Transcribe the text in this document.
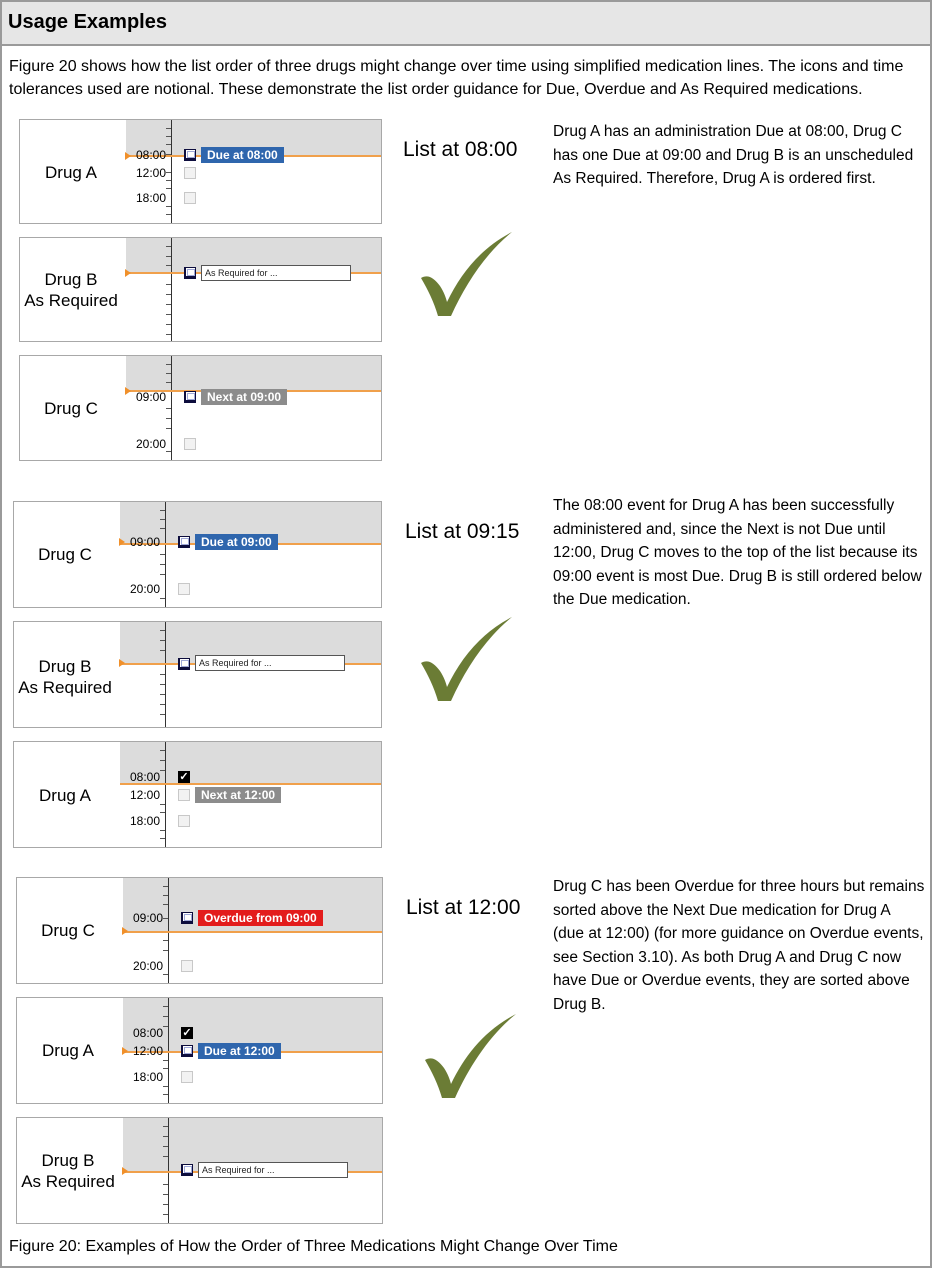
Usage Examples
Figure 20 shows how the list order of three drugs might change over time using simplified medication lines. The icons and time tolerances used are notional. These demonstrate the list order guidance for Due, Overdue and As Required medications.
Drug A
08:00
12:00
18:00
Due at 08:00
Drug B
As Required
As Required for ...
Drug C
09:00
20:00
Next at 09:00
List at 08:00
Drug A has an administration Due at 08:00, Drug C has one Due at 09:00 and Drug B is an unscheduled As Required. Therefore, Drug A is ordered first.
Drug C
09:00
20:00
Due at 09:00
Drug B
As Required
As Required for ...
Drug A
08:00
12:00
18:00
✓
Next at 12:00
List at 09:15
The 08:00 event for Drug A has been successfully administered and, since the Next is not Due until 12:00, Drug C moves to the top of the list because its 09:00 event is most Due. Drug B is still ordered below the Due medication.
Drug C
09:00
20:00
Overdue from 09:00
Drug A
08:00
12:00
18:00
✓
Due at 12:00
Drug B
As Required
As Required for ...
List at 12:00
Drug C has been Overdue for three hours but remains sorted above the Next Due medication for Drug A (due at 12:00) (for more guidance on Overdue events, see Section 3.10). As both Drug A and Drug C now have Due or Overdue events, they are sorted above Drug B.
Figure 20: Examples of How the Order of Three Medications Might Change Over Time
